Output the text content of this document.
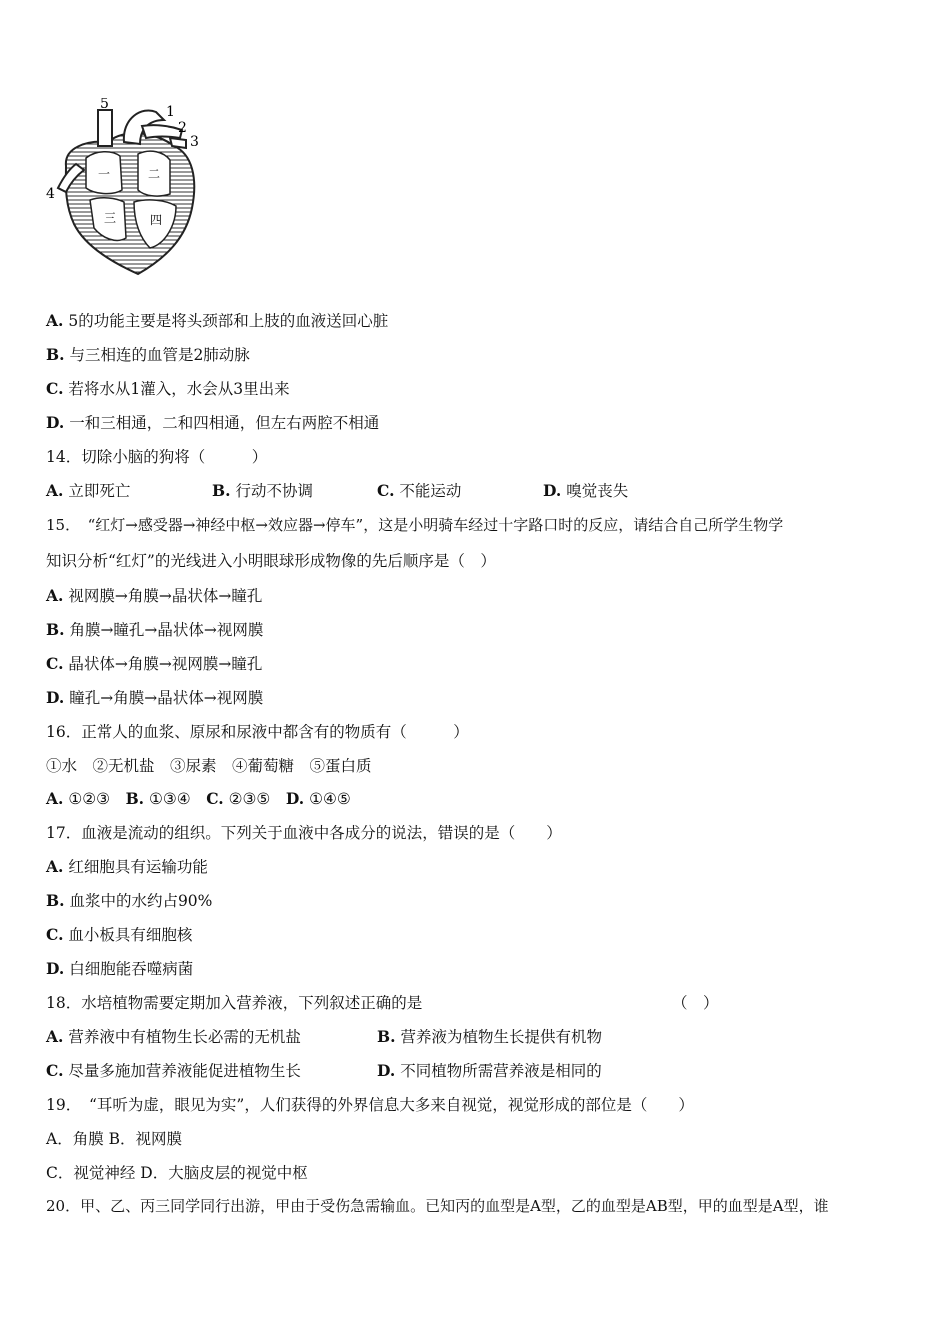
5	1
2
3
4
一	二
三	四
A. 5的功能主要是将头颈部和上肢的血液送回心脏
B. 与三相连的血管是2肺动脉
C. 若将水从1灌入，水会从3里出来
D. 一和三相通，二和四相通，但左右两腔不相通
14．切除小脑的狗将（　　　）
A. 立即死亡	B. 行动不协调	C. 不能运动	D. 嗅觉丧失
15．　“红灯→感受器→神经中枢→效应器→停车”，这是小明骑车经过十字路口时的反应，请结合自己所学生物学
知识分析“红灯”的光线进入小明眼球形成物像的先后顺序是（　）
A. 视网膜→角膜→晶状体→瞳孔
B. 角膜→瞳孔→晶状体→视网膜
C. 晶状体→角膜→视网膜→瞳孔
D. 瞳孔→角膜→晶状体→视网膜
16．正常人的血浆、原尿和尿液中都含有的物质有（　　　）
①水　②无机盐　③尿素　④葡萄糖　⑤蛋白质
A. ①②③　 B. ①③④　 C. ②③⑤　 D. ①④⑤
17．血液是流动的组织。下列关于血液中各成分的说法，错误的是（　　）
A. 红细胞具有运输功能
B. 血浆中的水约占90%
C. 血小板具有细胞核
D. 白细胞能吞噬病菌
18．水培植物需要定期加入营养液，下列叙述正确的是	（　）
A. 营养液中有植物生长必需的无机盐	B. 营养液为植物生长提供有机物
C. 尽量多施加营养液能促进植物生长	D. 不同植物所需营养液是相同的
19．　“耳听为虚，眼见为实”，人们获得的外界信息大多来自视觉，视觉形成的部位是（　　）
A．角膜 B．视网膜
C．视觉神经 D．大脑皮层的视觉中枢
20．甲、乙、丙三同学同行出游，甲由于受伤急需输血。已知丙的血型是A型，乙的血型是AB型，甲的血型是A型，谁
